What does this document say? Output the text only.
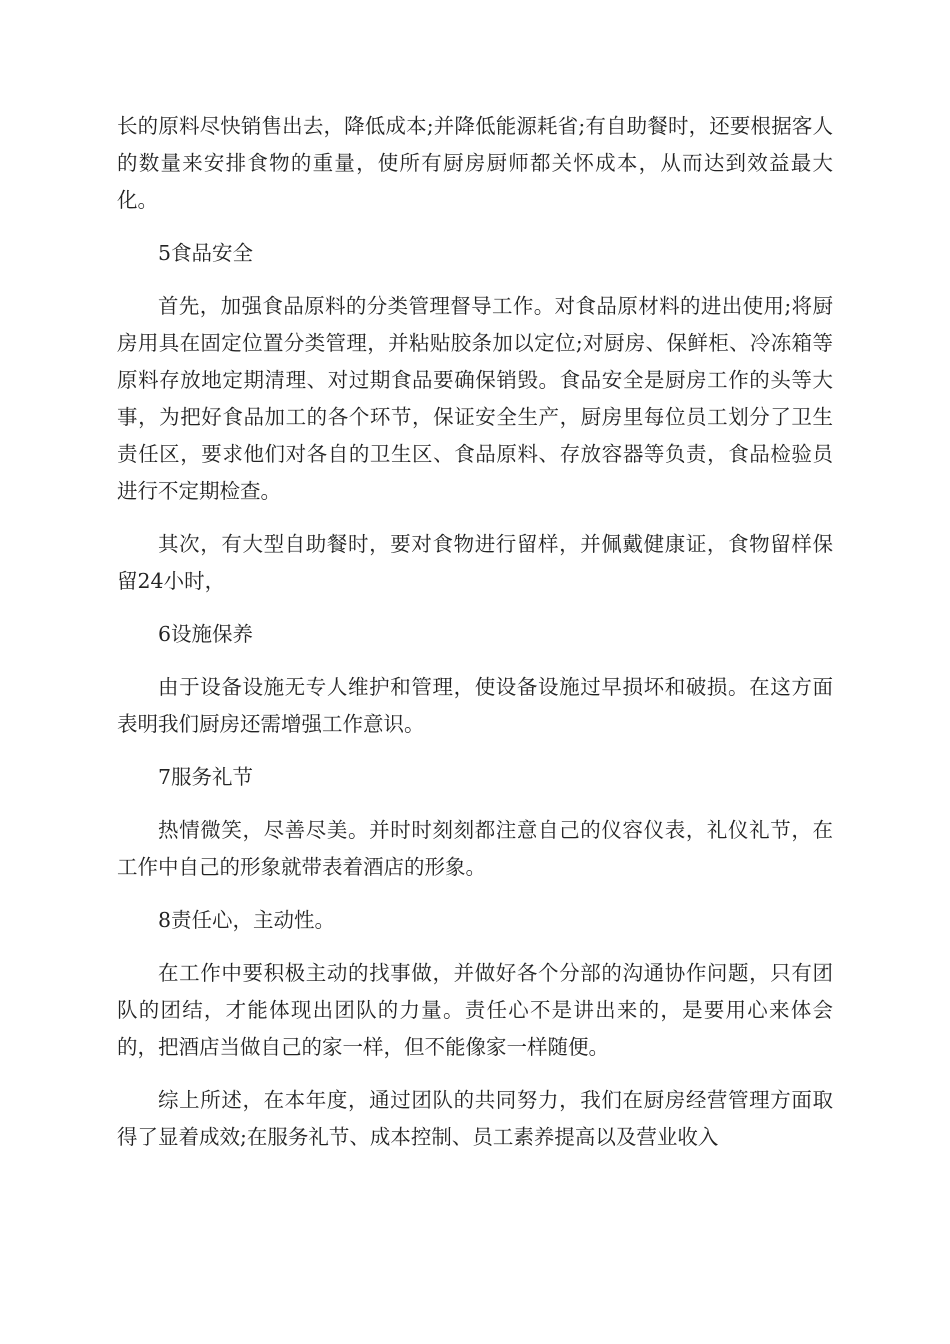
长的原料尽快销售出去，降低成本;并降低能源耗省;有自助餐时，还要根据客人的数量来安排食物的重量，使所有厨房厨师都关怀成本，从而达到效益最大化。

5食品安全

首先，加强食品原料的分类管理督导工作。对食品原材料的进出使用;将厨房用具在固定位置分类管理，并粘贴胶条加以定位;对厨房、保鲜柜、冷冻箱等原料存放地定期清理、对过期食品要确保销毁。食品安全是厨房工作的头等大事，为把好食品加工的各个环节，保证安全生产，厨房里每位员工划分了卫生责任区，要求他们对各自的卫生区、食品原料、存放容器等负责，食品检验员进行不定期检查。

其次，有大型自助餐时，要对食物进行留样，并佩戴健康证，食物留样保留24小时，

6设施保养

由于设备设施无专人维护和管理，使设备设施过早损坏和破损。在这方面表明我们厨房还需增强工作意识。

7服务礼节

热情微笑，尽善尽美。并时时刻刻都注意自己的仪容仪表，礼仪礼节，在工作中自己的形象就带表着酒店的形象。

8责任心，主动性。

在工作中要积极主动的找事做，并做好各个分部的沟通协作问题，只有团队的团结，才能体现出团队的力量。责任心不是讲出来的，是要用心来体会的，把酒店当做自己的家一样，但不能像家一样随便。

综上所述，在本年度，通过团队的共同努力，我们在厨房经营管理方面取得了显着成效;在服务礼节、成本控制、员工素养提高以及营业收入
